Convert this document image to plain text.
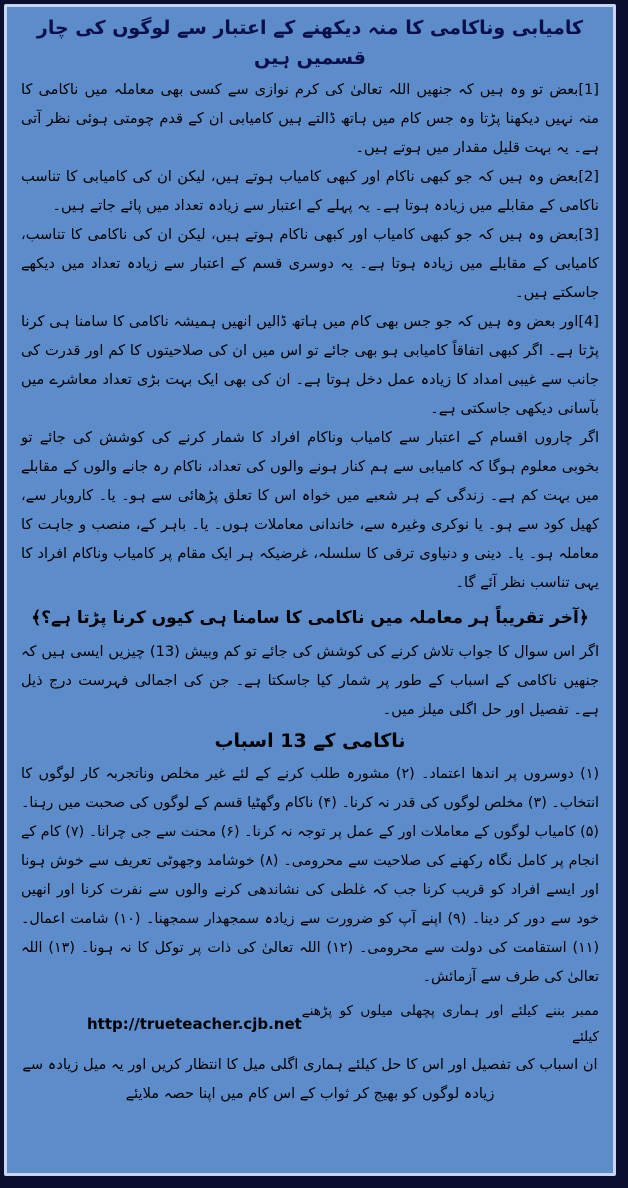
کامیابی وناکامی کا منہ دیکھنے کے اعتبار سے لوگوں کی چار قسمیں ہیں

[1]بعض تو وہ ہیں کہ جنھیں اللہ تعالیٰ کی کرم نوازی سے کسی بھی معاملہ میں ناکامی کا منہ نہیں دیکھنا پڑتا وہ جس کام میں ہاتھ ڈالتے ہیں کامیابی ان کے قدم چومتی ہوئی نظر آتی ہے۔ یہ بہت قلیل مقدار میں ہوتے ہیں۔

[2]بعض وہ ہیں کہ جو کبھی ناکام اور کبھی کامیاب ہوتے ہیں، لیکن ان کی کامیابی کا تناسب ناکامی کے مقابلے میں زیادہ ہوتا ہے۔ یہ پہلے کے اعتبار سے زیادہ تعداد میں پائے جاتے ہیں۔

[3]بعض وہ ہیں کہ جو کبھی کامیاب اور کبھی ناکام ہوتے ہیں، لیکن ان کی ناکامی کا تناسب، کامیابی کے مقابلے میں زیادہ ہوتا ہے۔ یہ دوسری قسم کے اعتبار سے زیادہ تعداد میں دیکھے جاسکتے ہیں۔

[4]اور بعض وہ ہیں کہ جو جس بھی کام میں ہاتھ ڈالیں انھیں ہمیشہ ناکامی کا سامنا ہی کرنا پڑتا ہے۔ اگر کبھی اتفاقاً کامیابی ہو بھی جائے تو اس میں ان کی صلاحیتوں کا کم اور قدرت کی جانب سے غیبی امداد کا زیادہ عمل دخل ہوتا ہے۔ ان کی بھی ایک بہت بڑی تعداد معاشرے میں بآسانی دیکھی جاسکتی ہے۔

اگر چاروں اقسام کے اعتبار سے کامیاب وناکام افراد کا شمار کرنے کی کوشش کی جائے تو بخوبی معلوم ہوگا کہ کامیابی سے ہم کنار ہونے والوں کی تعداد، ناکام رہ جانے والوں کے مقابلے میں بہت کم ہے۔ زندگی کے ہر شعبے میں خواہ اس کا تعلق پڑھائی سے ہو۔ یا۔ کاروبار سے، کھیل کود سے ہو۔ یا نوکری وغیرہ سے، خاندانی معاملات ہوں۔ یا۔ باہر کے، منصب و جاہت کا معاملہ ہو۔ یا۔ دینی و دنیاوی ترقی کا سلسلہ، غرضیکہ ہر ایک مقام پر کامیاب وناکام افراد کا یہی تناسب نظر آئے گا۔

﴿آخر تقریباً ہر معاملہ میں ناکامی کا سامنا ہی کیوں کرنا پڑتا ہے؟﴾

اگر اس سوال کا جواب تلاش کرنے کی کوشش کی جائے تو کم وبیش (13) چیزیں ایسی ہیں کہ جنھیں ناکامی کے اسباب کے طور پر شمار کیا جاسکتا ہے۔ جن کی اجمالی فہرست درج ذیل ہے۔ تفصیل اور حل اگلی میلز میں۔

ناکامی کے 13 اسباب

(۱) دوسروں پر اندھا اعتماد۔ (۲) مشورہ طلب کرنے کے لئے غیر مخلص وناتجربہ کار لوگوں کا انتخاب۔ (۳) مخلص لوگوں کی قدر نہ کرنا۔ (۴) ناکام وگھٹیا قسم کے لوگوں کی صحبت میں رہنا۔ (۵) کامیاب لوگوں کے معاملات اور کے عمل پر توجہ نہ کرنا۔ (۶) محنت سے جی چرانا۔ (۷) کام کے انجام پر کامل نگاہ رکھنے کی صلاحیت سے محرومی۔ (۸) خوشامد وجھوٹی تعریف سے خوش ہونا اور ایسے افراد کو قریب کرنا جب کہ غلطی کی نشاندھی کرنے والوں سے نفرت کرنا اور انھیں خود سے دور کر دینا۔ (۹) اپنے آپ کو ضرورت سے زیادہ سمجھدار سمجھنا۔ (۱۰) شامت اعمال۔ (۱۱) استقامت کی دولت سے محرومی۔ (۱۲) اللہ تعالیٰ کی ذات پر توکل کا نہ ہونا۔ (۱۳) اللہ تعالیٰ کی طرف سے آزمائش۔

ممبر بننے کیلئے اور ہماری پچھلی میلوں کو پڑھنے کیلئے
http://trueteacher.cjb.net

ان اسباب کی تفصیل اور اس کا حل کیلئے ہماری اگلی میل کا انتظار کریں اور یہ میل زیادہ سے زیادہ لوگوں کو بھیج کر ثواب کے اس کام میں اپنا حصہ ملایئے
